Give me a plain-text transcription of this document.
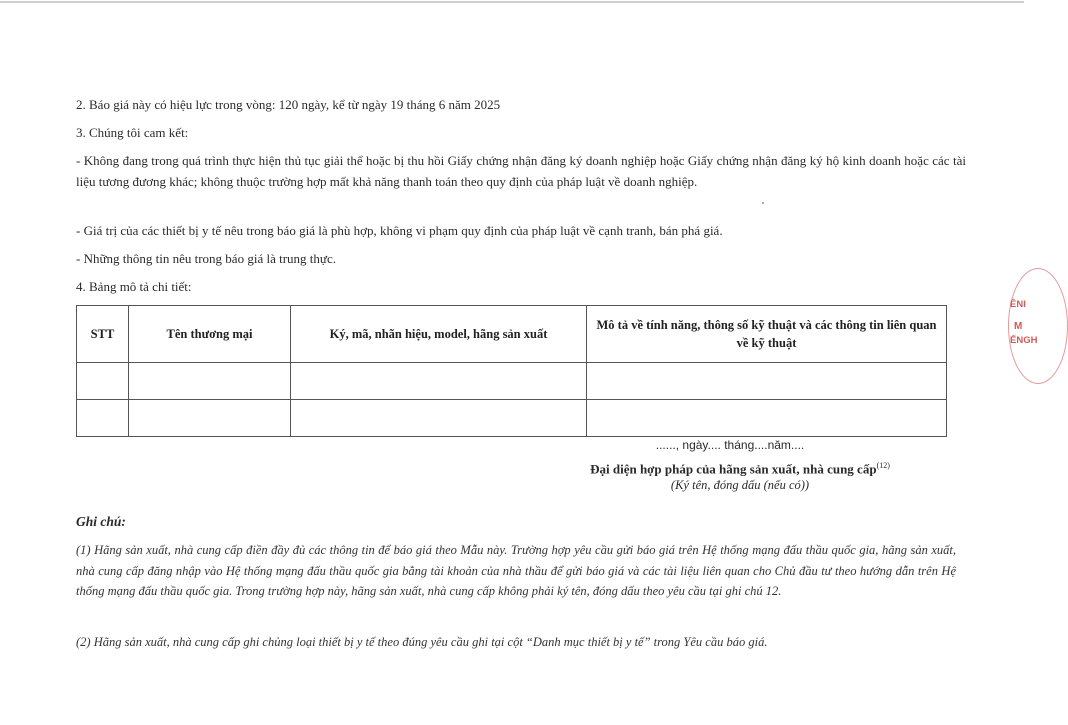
2. Báo giá này có hiệu lực trong vòng: 120 ngày, kể từ ngày 19 tháng 6 năm 2025
3. Chúng tôi cam kết:
- Không đang trong quá trình thực hiện thủ tục giải thể hoặc bị thu hồi Giấy chứng nhận đăng ký doanh nghiệp hoặc Giấy chứng nhận đăng ký hộ kinh doanh hoặc các tài liệu tương đương khác; không thuộc trường hợp mất khả năng thanh toán theo quy định của pháp luật về doanh nghiệp.
- Giá trị của các thiết bị y tế nêu trong báo giá là phù hợp, không vi phạm quy định của pháp luật về cạnh tranh, bán phá giá.
- Những thông tin nêu trong báo giá là trung thực.
4. Bảng mô tả chi tiết:
STT	Tên thương mại	Ký, mã, nhãn hiệu, model, hãng sản xuất	Mô tả về tính năng, thông số kỹ thuật và các thông tin liên quan về kỹ thuật

......, ngày.... tháng....năm....
Đại diện hợp pháp của hãng sản xuất, nhà cung cấp$^{(12)}$
(Ký tên, đóng dấu (nếu có))
Ghi chú:
(1) Hãng sản xuất, nhà cung cấp điền đầy đủ các thông tin để báo giá theo Mẫu này. Trường hợp yêu cầu gửi báo giá trên Hệ thống mạng đấu thầu quốc gia, hãng sản xuất, nhà cung cấp đăng nhập vào Hệ thống mạng đấu thầu quốc gia bằng tài khoản của nhà thầu để gửi báo giá và các tài liệu liên quan cho Chủ đầu tư theo hướng dẫn trên Hệ thống mạng đấu thầu quốc gia. Trong trường hợp này, hãng sản xuất, nhà cung cấp không phải ký tên, đóng dấu theo yêu cầu tại ghi chú 12.
(2) Hãng sản xuất, nhà cung cấp ghi chủng loại thiết bị y tế theo đúng yêu cầu ghi tại cột “Danh mục thiết bị y tế” trong Yêu cầu báo giá.
ÊNI
M
ẾNGH
